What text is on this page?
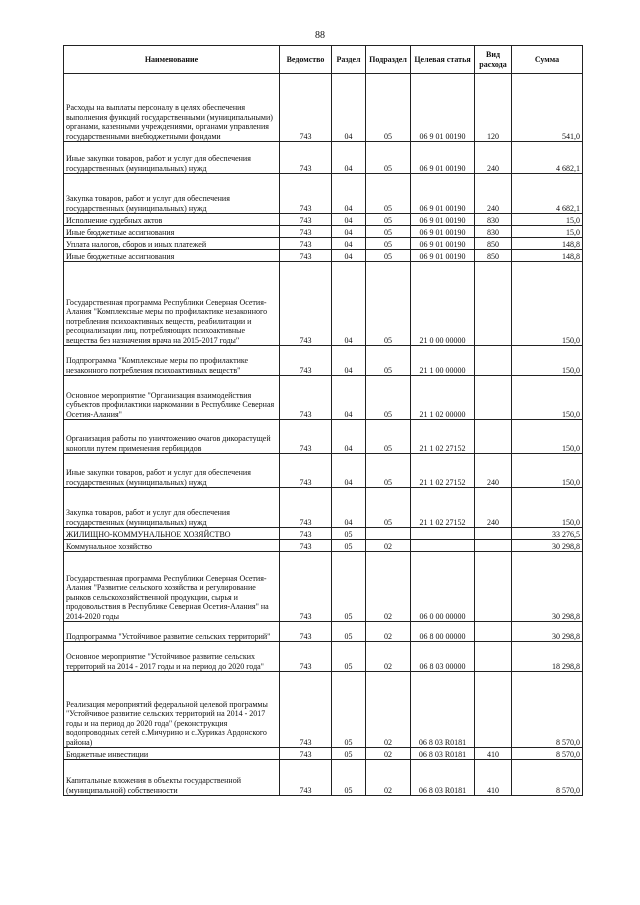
88
Наименование	Ведомство	Раздел	Подраздел	Целевая статья	Вид расхода	Сумма
Расходы на выплаты персоналу в целях обеспечения выполнения функций государственными (муниципальными) органами, казенными учреждениями, органами управления государственными внебюджетными фондами	743	04	05	06 9 01 00190	120	541,0
Иные закупки товаров, работ и услуг для обеспечения государственных (муниципальных) нужд	743	04	05	06 9 01 00190	240	4 682,1
Закупка товаров, работ и услуг для обеспечения государственных (муниципальных) нужд	743	04	05	06 9 01 00190	240	4 682,1
Исполнение судебных актов	743	04	05	06 9 01 00190	830	15,0
Иные бюджетные ассигнования	743	04	05	06 9 01 00190	830	15,0
Уплата налогов, сборов и иных платежей	743	04	05	06 9 01 00190	850	148,8
Иные бюджетные ассигнования	743	04	05	06 9 01 00190	850	148,8
Государственная программа Республики Северная Осетия-Алания "Комплексные меры по профилактике незаконного потребления психоактивных веществ, реабилитации и ресоциализации лиц, потребляющих психоактивные вещества без назначения врача на 2015-2017 годы"	743	04	05	21 0 00 00000		150,0
Подпрограмма "Комплексные меры по профилактике незаконного потребления психоактивных веществ"	743	04	05	21 1 00 00000		150,0
Основное мероприятие "Организация взаимодействия субъектов профилактики наркомании в Республике Северная Осетия-Алания"	743	04	05	21 1 02 00000		150,0
Организация работы по уничтожению очагов дикорастущей конопли путем применения гербицидов	743	04	05	21 1 02 27152		150,0
Иные закупки товаров, работ и услуг для обеспечения государственных (муниципальных) нужд	743	04	05	21 1 02 27152	240	150,0
Закупка товаров, работ и услуг для обеспечения государственных (муниципальных) нужд	743	04	05	21 1 02 27152	240	150,0
ЖИЛИЩНО-КОММУНАЛЬНОЕ ХОЗЯЙСТВО	743	05				33 276,5
Коммунальное хозяйство	743	05	02			30 298,8
Государственная программа Республики Северная Осетия-Алания "Развитие сельского хозяйства и регулирование рынков сельскохозяйственной продукции, сырья и продовольствия в Республике Северная Осетия-Алания" на 2014-2020 годы	743	05	02	06 0 00 00000		30 298,8
Подпрограмма "Устойчивое развитие сельских территорий"	743	05	02	06 8 00 00000		30 298,8
Основное мероприятие "Устойчивое развитие сельских территорий на 2014 - 2017 годы и на период до 2020 года"	743	05	02	06 8 03 00000		18 298,8
Реализация мероприятий федеральной целевой программы "Устойчивое развитие сельских территорий на 2014 - 2017 годы и на период до 2020 года" (реконструкция водопроводных сетей с.Мичурино и с.Хуриказ Ардонского района)	743	05	02	06 8 03 R0181		8 570,0
Бюджетные инвестиции	743	05	02	06 8 03 R0181	410	8 570,0
Капитальные вложения в объекты государственной (муниципальной) собственности	743	05	02	06 8 03 R0181	410	8 570,0
